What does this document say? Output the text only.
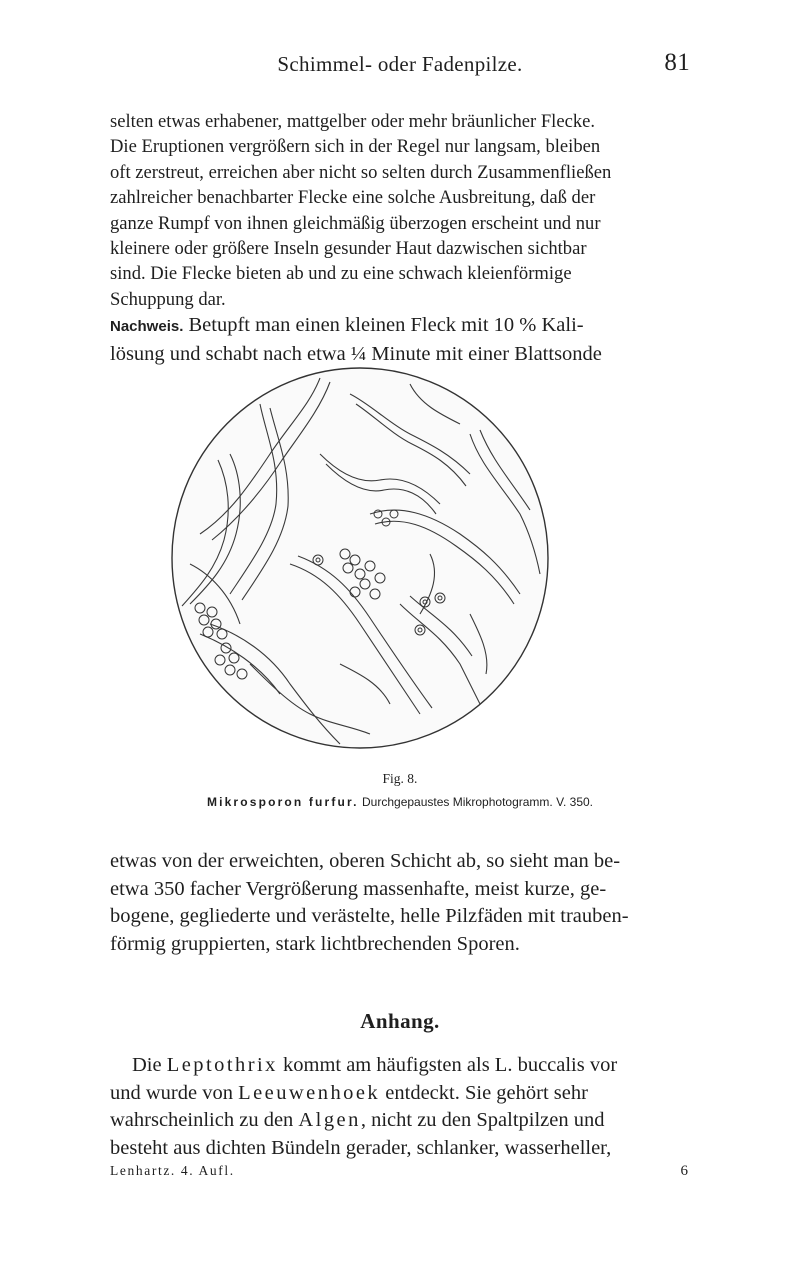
Schimmel- oder Fadenpilze.	81

selten etwas erhabener, mattgelber oder mehr bräunlicher Flecke.

Die Eruptionen vergrößern sich in der Regel nur langsam, bleiben

oft zerstreut, erreichen aber nicht so selten durch Zusammenfließen

zahlreicher benachbarter Flecke eine solche Ausbreitung, daß der

ganze Rumpf von ihnen gleichmäßig überzogen erscheint und nur

kleinere oder größere Inseln gesunder Haut dazwischen sichtbar

sind. Die Flecke bieten ab und zu eine schwach kleienförmige

Schuppung dar.

Nachweis. Betupft man einen kleinen Fleck mit 10 % Kali-

lösung und schabt nach etwa ¼ Minute mit einer Blattsonde

Fig. 8.
Mikrosporon furfur. Durchgepaustes Mikrophotogramm. V. 350.

etwas von der erweichten, oberen Schicht ab, so sieht man be-

etwa 350 facher Vergrößerung massenhafte, meist kurze, ge-

bogene, gegliederte und verästelte, helle Pilzfäden mit trauben-

förmig gruppierten, stark lichtbrechenden Sporen.

Anhang.

Die Leptothrix kommt am häufigsten als L. buccalis vor

und wurde von Leeuwenhoek entdeckt. Sie gehört sehr

wahrscheinlich zu den Algen, nicht zu den Spaltpilzen und

besteht aus dichten Bündeln gerader, schlanker, wasserheller,

Lenhartz. 4. Aufl.	6
